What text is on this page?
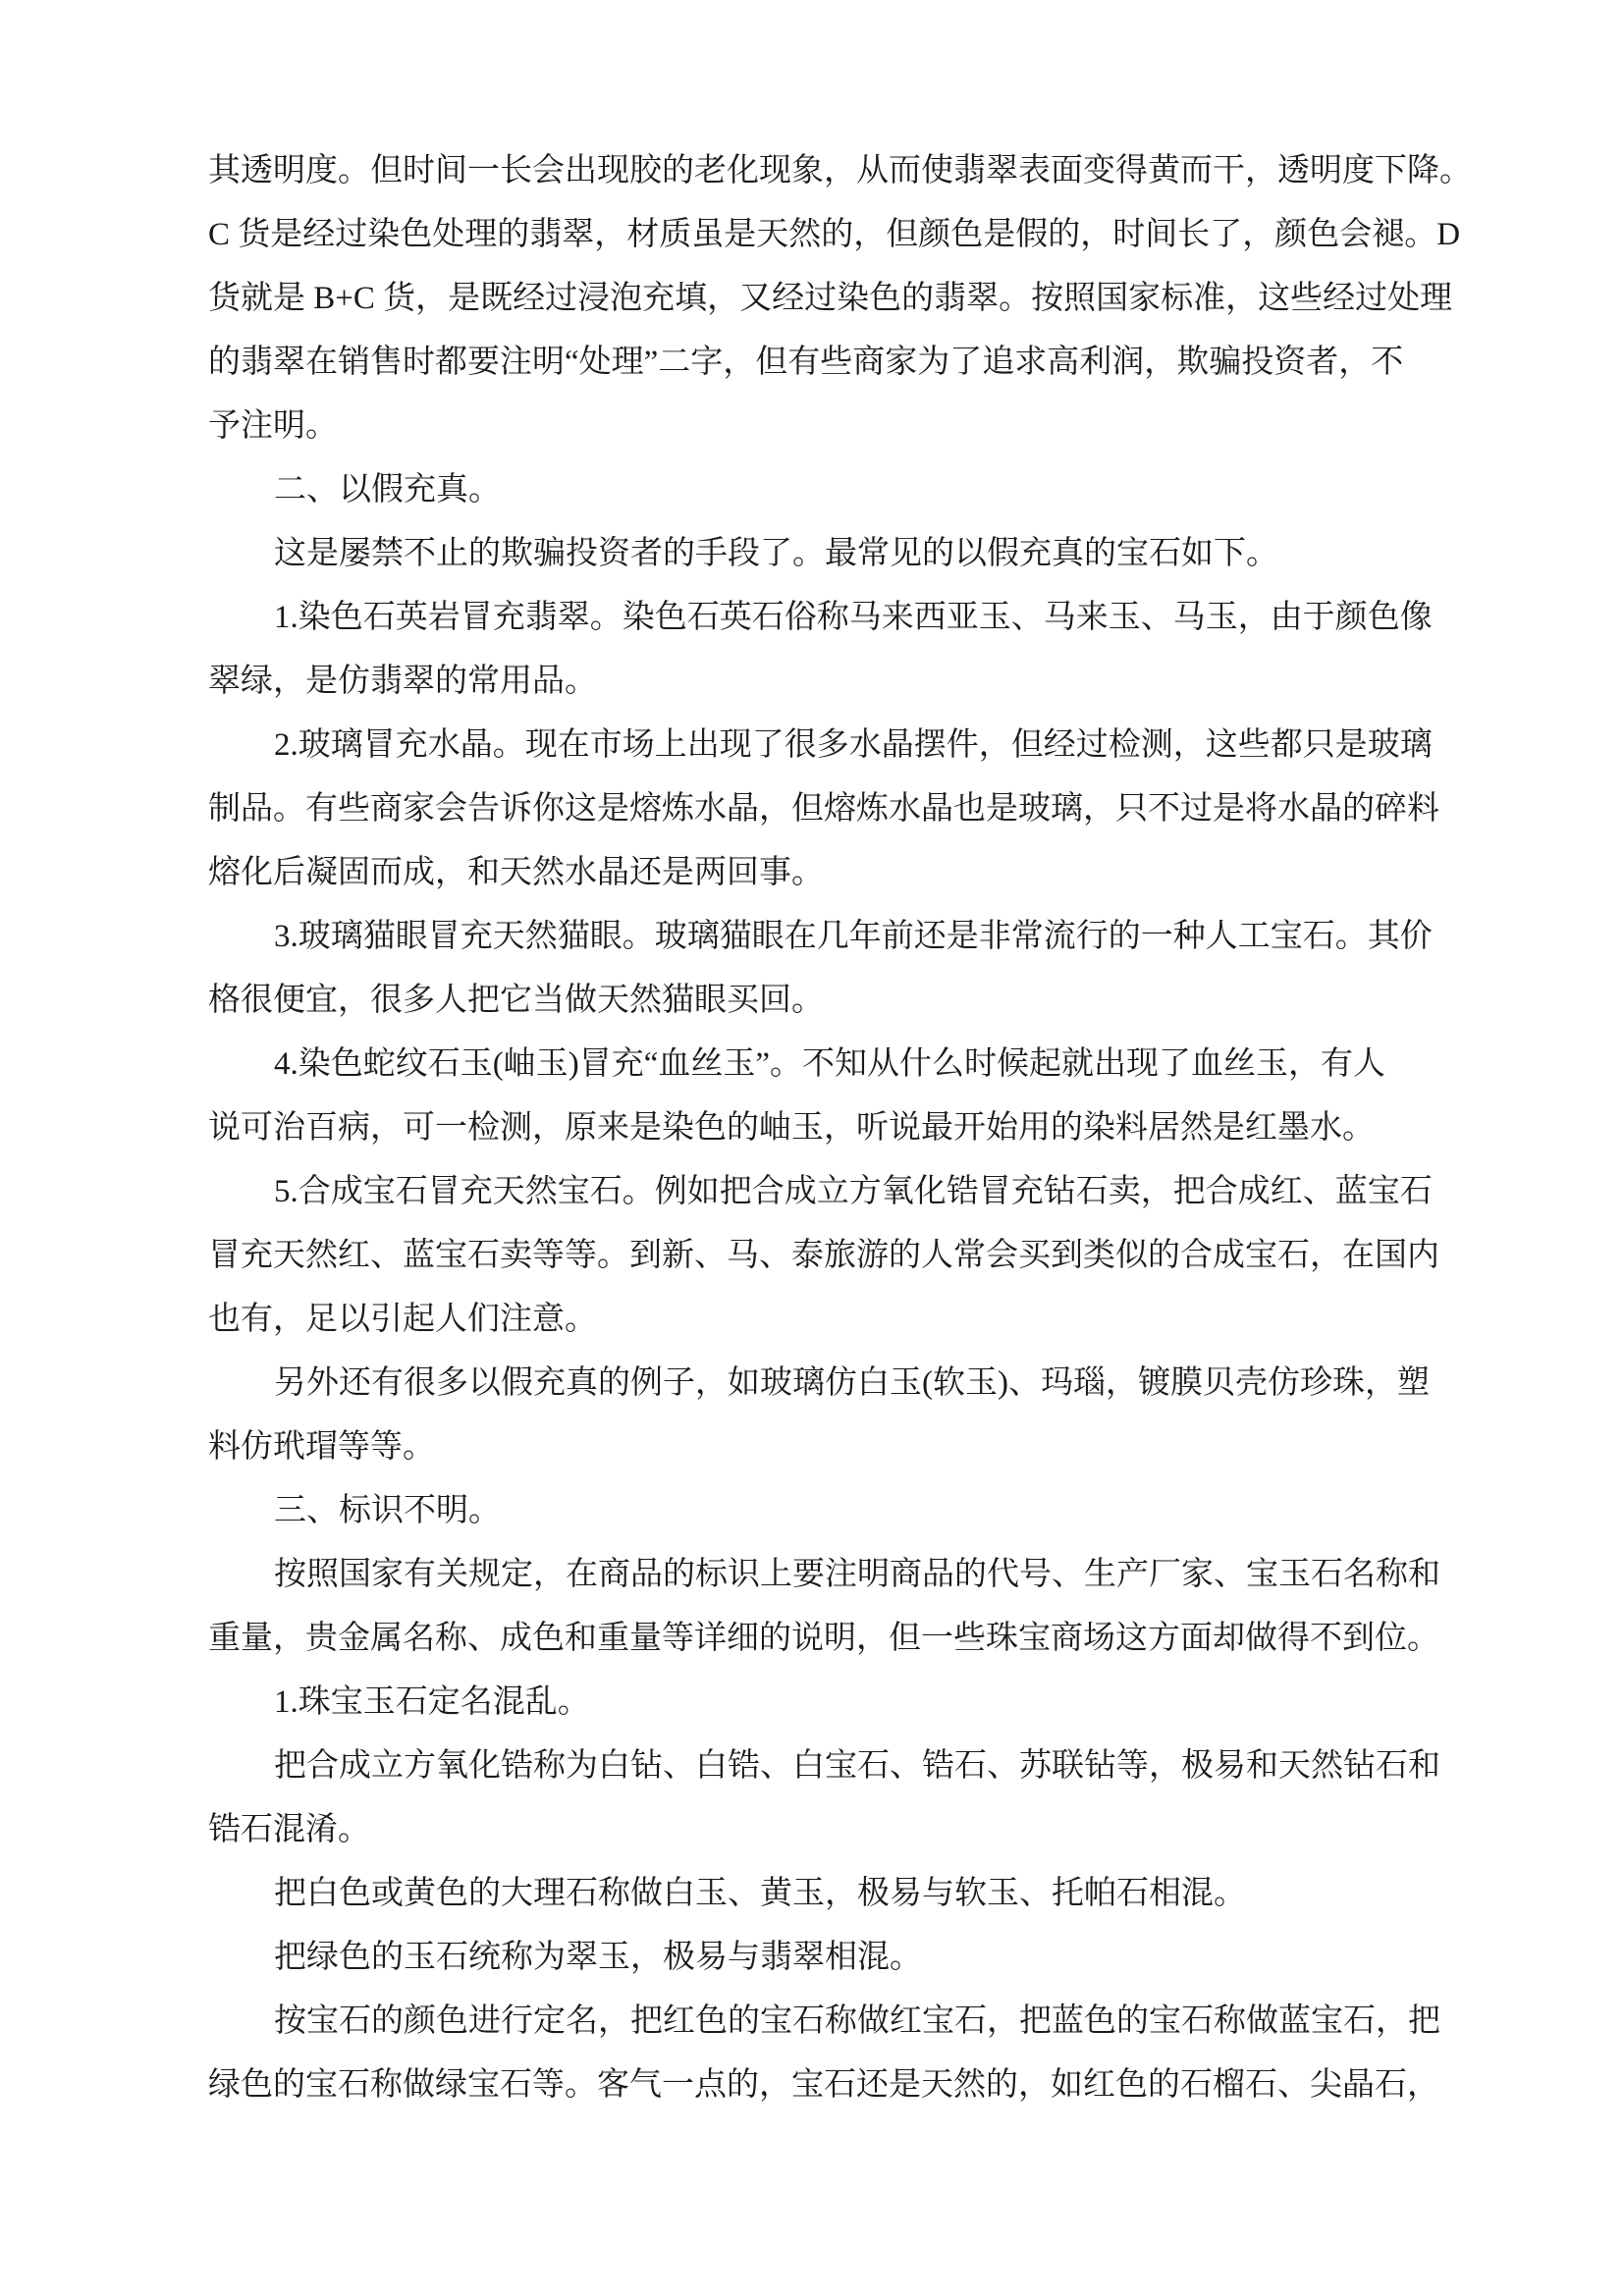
其透明度。但时间一长会出现胶的老化现象，从而使翡翠表面变得黄而干，透明度下降。
C 货是经过染色处理的翡翠，材质虽是天然的，但颜色是假的，时间长了，颜色会褪。D
货就是 B+C 货，是既经过浸泡充填，又经过染色的翡翠。按照国家标准，这些经过处理
的翡翠在销售时都要注明“处理”二字，但有些商家为了追求高利润，欺骗投资者，不
予注明。
二、以假充真。
这是屡禁不止的欺骗投资者的手段了。最常见的以假充真的宝石如下。
1.染色石英岩冒充翡翠。染色石英石俗称马来西亚玉、马来玉、马玉，由于颜色像
翠绿，是仿翡翠的常用品。
2.玻璃冒充水晶。现在市场上出现了很多水晶摆件，但经过检测，这些都只是玻璃
制品。有些商家会告诉你这是熔炼水晶，但熔炼水晶也是玻璃，只不过是将水晶的碎料
熔化后凝固而成，和天然水晶还是两回事。
3.玻璃猫眼冒充天然猫眼。玻璃猫眼在几年前还是非常流行的一种人工宝石。其价
格很便宜，很多人把它当做天然猫眼买回。
4.染色蛇纹石玉(岫玉)冒充“血丝玉”。不知从什么时候起就出现了血丝玉，有人
说可治百病，可一检测，原来是染色的岫玉，听说最开始用的染料居然是红墨水。
5.合成宝石冒充天然宝石。例如把合成立方氧化锆冒充钻石卖，把合成红、蓝宝石
冒充天然红、蓝宝石卖等等。到新、马、泰旅游的人常会买到类似的合成宝石，在国内
也有，足以引起人们注意。
另外还有很多以假充真的例子，如玻璃仿白玉(软玉)、玛瑙，镀膜贝壳仿珍珠，塑
料仿玳瑁等等。
三、标识不明。
按照国家有关规定，在商品的标识上要注明商品的代号、生产厂家、宝玉石名称和
重量，贵金属名称、成色和重量等详细的说明，但一些珠宝商场这方面却做得不到位。
1.珠宝玉石定名混乱。
把合成立方氧化锆称为白钻、白锆、白宝石、锆石、苏联钻等，极易和天然钻石和
锆石混淆。
把白色或黄色的大理石称做白玉、黄玉，极易与软玉、托帕石相混。
把绿色的玉石统称为翠玉，极易与翡翠相混。
按宝石的颜色进行定名，把红色的宝石称做红宝石，把蓝色的宝石称做蓝宝石，把
绿色的宝石称做绿宝石等。客气一点的，宝石还是天然的，如红色的石榴石、尖晶石，
